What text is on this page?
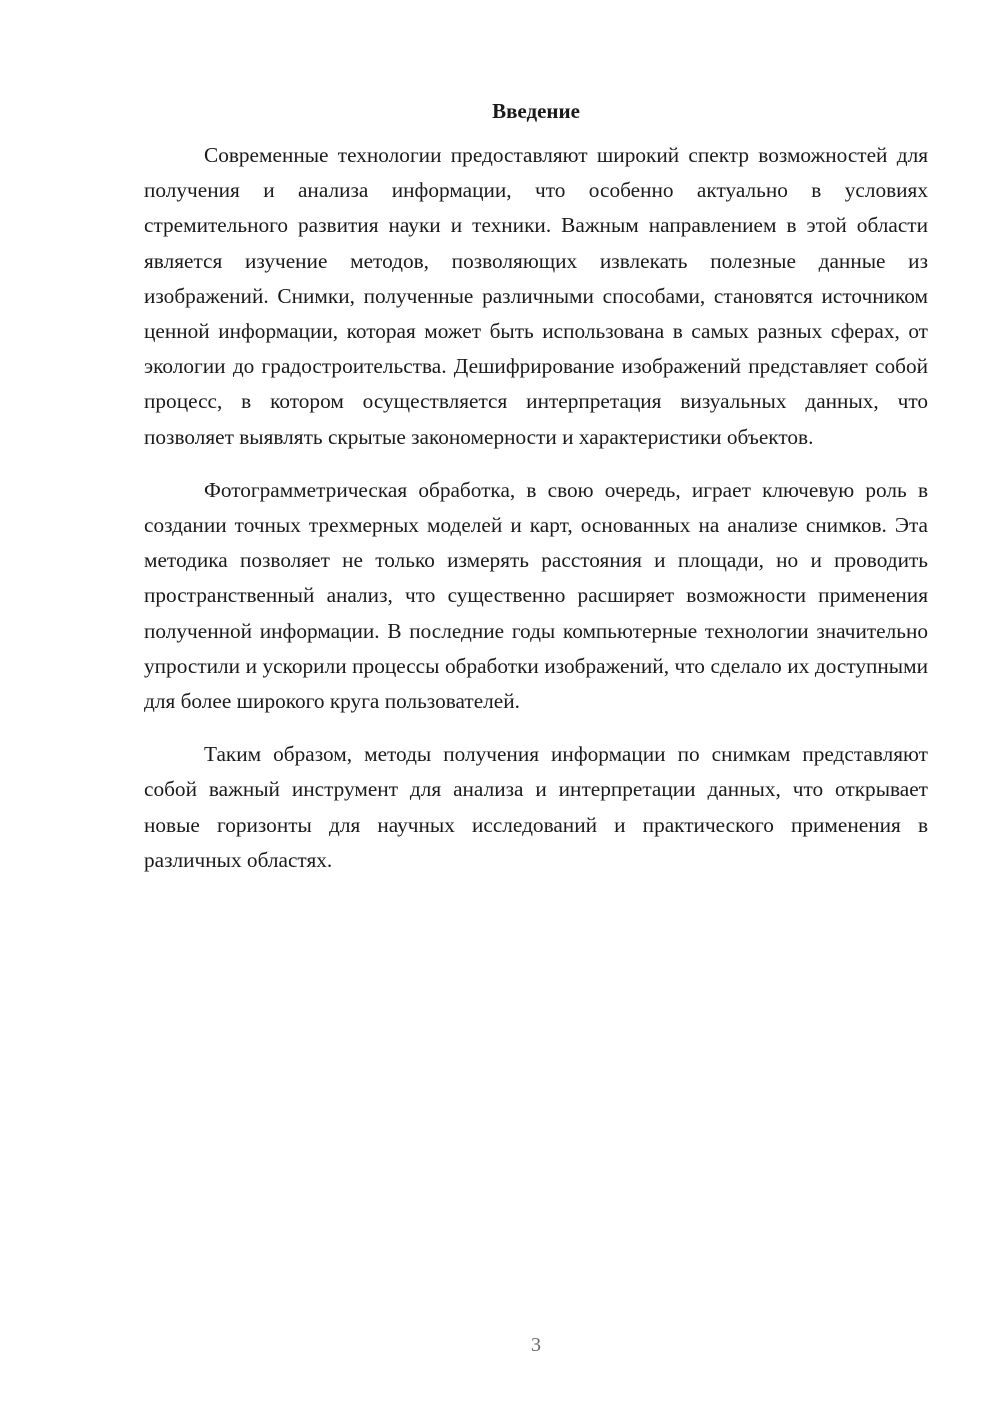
Введение

Современные технологии предоставляют широкий спектр возможностей для получения и анализа информации, что особенно актуально в условиях стремительного развития науки и техники. Важным направлением в этой области является изучение методов, позволяющих извлекать полезные данные из изображений. Снимки, полученные различными способами, становятся источником ценной информации, которая может быть использована в самых разных сферах, от экологии до градостроительства. Дешифрирование изображений представляет собой процесс, в котором осуществляется интерпретация визуальных данных, что позволяет выявлять скрытые закономерности и характеристики объектов.

Фотограмметрическая обработка, в свою очередь, играет ключевую роль в создании точных трехмерных моделей и карт, основанных на анализе снимков. Эта методика позволяет не только измерять расстояния и площади, но и проводить пространственный анализ, что существенно расширяет возможности применения полученной информации. В последние годы компьютерные технологии значительно упростили и ускорили процессы обработки изображений, что сделало их доступными для более широкого круга пользователей.

Таким образом, методы получения информации по снимкам представляют собой важный инструмент для анализа и интерпретации данных, что открывает новые горизонты для научных исследований и практического применения в различных областях.

3
